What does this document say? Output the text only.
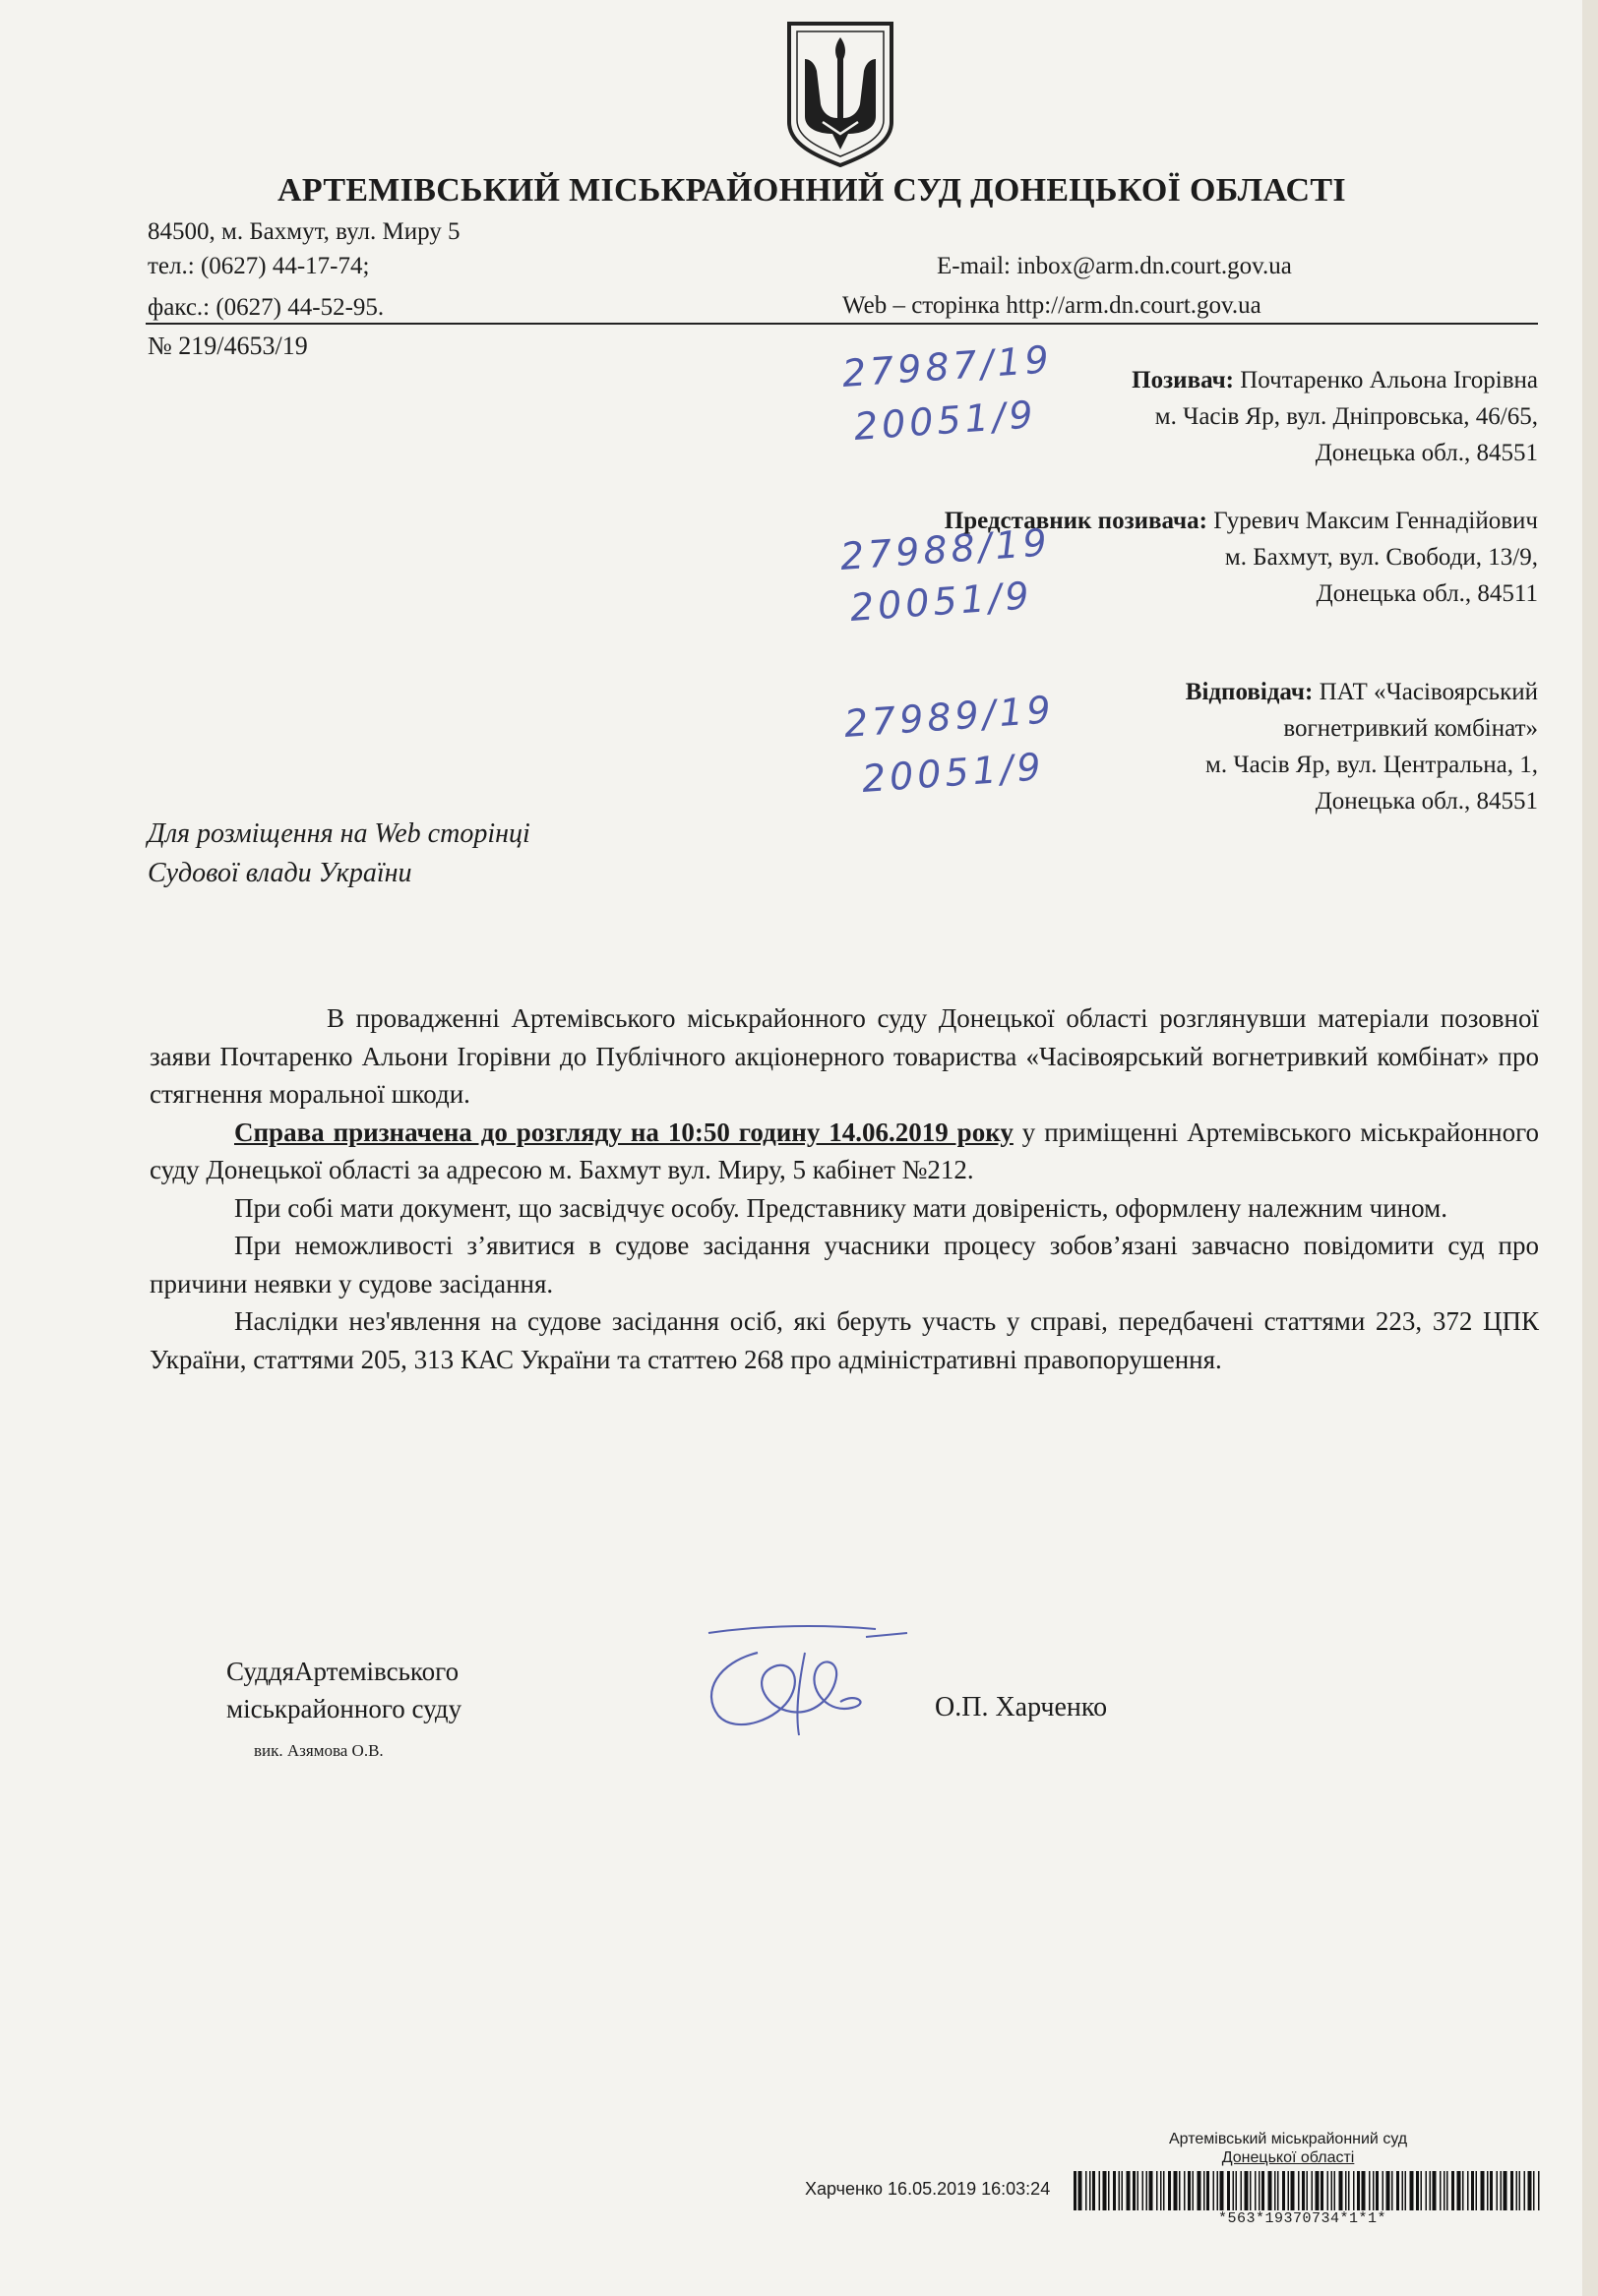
АРТЕМІВСЬКИЙ МІСЬКРАЙОННИЙ СУД ДОНЕЦЬКОЇ ОБЛАСТІ
84500, м. Бахмут, вул. Миру 5
тел.: (0627) 44-17-74;
факс.: (0627) 44-52-95.
E-mail: inbox@arm.dn.court.gov.ua
Web – сторінка http://arm.dn.court.gov.ua
№ 219/4653/19	27987/19
20051/9
27988/19
20051/9
27989/19
20051/9
Позивач: Почтаренко Альона Ігорівна
м. Часів Яр, вул. Дніпровська, 46/65,
Донецька обл., 84551
Представник позивача: Гуревич Максим Геннадійович
м. Бахмут, вул. Свободи, 13/9,
Донецька обл., 84511
Відповідач: ПАТ «Часівоярський
вогнетривкий комбінат»
м. Часів Яр, вул. Центральна, 1,
Донецька обл., 84551
Для розміщення на Web сторінці
Судової влади України

В провадженні Артемівського міськрайонного суду Донецької області розглянувши матеріали позовної заяви Почтаренко Альони Ігорівни до Публічного акціонерного товариства «Часівоярський вогнетривкий комбінат» про стягнення моральної шкоди.

Справа призначена до розгляду на 10:50 годину 14.06.2019 року у приміщенні Артемівського міськрайонного суду Донецької області за адресою м. Бахмут вул. Миру, 5 кабінет №212.

При собі мати документ, що засвідчує особу. Представнику мати довіреність, оформлену належним чином.

При неможливості з’явитися в судове засідання учасники процесу зобов’язані завчасно повідомити суд про причини неявки у судове засідання.

Наслідки нез'явлення на судове засідання осіб, які беруть участь у справі, передбачені статтями 223, 372 ЦПК України, статтями 205, 313 КАС України та статтею 268 про адміністративні правопорушення.

СуддяАртемівського
міськрайонного суду
вик. Азямова О.В.
О.П. Харченко
Артемівський міськрайонний суд
Донецької області
Харченко 16.05.2019 16:03:24
*563*19370734*1*1*
